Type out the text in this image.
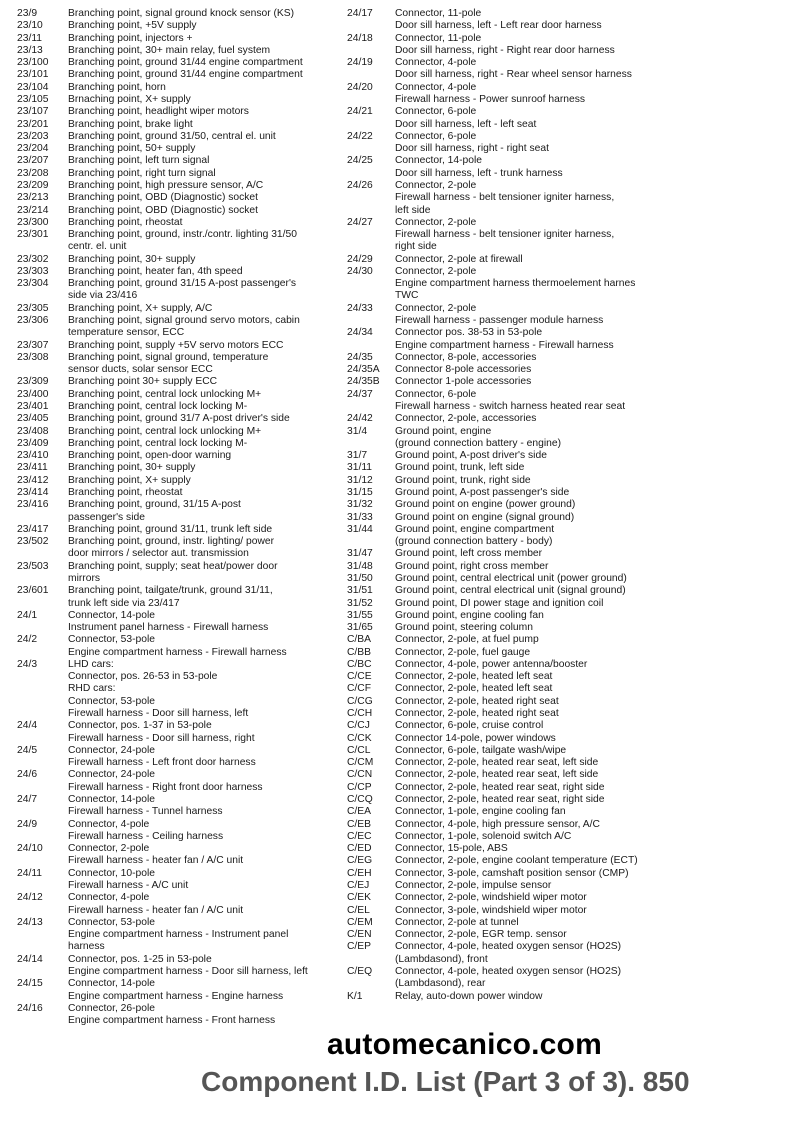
23/9	Branching point, signal ground knock sensor (KS)
23/10	Branching point, +5V supply
23/11	Branching point, injectors +
23/13	Branching point, 30+ main relay, fuel system
23/100	Branching point, ground 31/44 engine compartment
23/101	Branching point, ground 31/44 engine compartment
23/104	Branching point, horn
23/105	Brnaching point, X+ supply
23/107	Branching point, headlight wiper motors
23/201	Branching point, brake light
23/203	Branching point, ground 31/50, central el. unit
23/204	Branching point, 50+ supply
23/207	Branching point, left turn signal
23/208	Branching point, right turn signal
23/209	Branching point, high pressure sensor, A/C
23/213	Branching point, OBD (Diagnostic) socket
23/214	Branching point, OBD (Diagnostic) socket
23/300	Branching point, rheostat
23/301	Branching point, ground, instr./contr. lighting 31/50
centr. el. unit
23/302	Branching point, 30+ supply
23/303	Branching point, heater fan, 4th speed
23/304	Branching point, ground 31/15 A-post passenger's
side via 23/416
23/305	Branching point, X+ supply, A/C
23/306	Branching point, signal ground servo motors, cabin
temperature sensor, ECC
23/307	Branching point, supply +5V servo motors ECC
23/308	Branching point, signal ground, temperature
sensor ducts, solar sensor ECC
23/309	Branching point 30+ supply ECC
23/400	Branching point, central lock unlocking M+
23/401	Branching point, central lock locking M-
23/405	Branching point, ground 31/7 A-post driver's side
23/408	Branching point, central lock unlocking M+
23/409	Branching point, central lock locking M-
23/410	Branching point, open-door warning
23/411	Branching point, 30+ supply
23/412	Branching point, X+ supply
23/414	Branching point, rheostat
23/416	Branching point, ground, 31/15 A-post
passenger's side
23/417	Branching point, ground 31/11, trunk left side
23/502	Branching point, ground, instr. lighting/ power
door mirrors / selector aut. transmission
23/503	Branching point, supply; seat heat/power door
mirrors
23/601	Branching point, tailgate/trunk, ground 31/11,
trunk left side via 23/417
24/1	Connector, 14-pole
Instrument panel harness - Firewall harness
24/2	Connector, 53-pole
Engine compartment harness - Firewall harness
24/3	LHD cars:
Connector, pos. 26-53 in 53-pole
RHD cars:
Connector, 53-pole
Firewall harness - Door sill harness, left
24/4	Connector, pos. 1-37 in 53-pole
Firewall harness - Door sill harness, right
24/5	Connector, 24-pole
Firewall harness - Left front door harness
24/6	Connector, 24-pole
Firewall harness - Right front door harness
24/7	Connector, 14-pole
Firewall harness - Tunnel harness
24/9	Connector, 4-pole
Firewall harness - Ceiling harness
24/10	Connector, 2-pole
Firewall harness - heater fan / A/C unit
24/11	Connector, 10-pole
Firewall harness - A/C unit
24/12	Connector, 4-pole
Firewall harness - heater fan / A/C unit
24/13	Connector, 53-pole
Engine compartment harness - Instrument panel
harness
24/14	Connector, pos. 1-25 in 53-pole
Engine compartment harness - Door sill harness, left
24/15	Connector, 14-pole
Engine compartment harness - Engine harness
24/16	Connector, 26-pole
Engine compartment harness - Front harness
24/17	Connector, 11-pole
Door sill harness, left - Left rear door harness
24/18	Connector, 11-pole
Door sill harness, right - Right rear door harness
24/19	Connector, 4-pole
Door sill harness, right - Rear wheel sensor harness
24/20	Connector, 4-pole
Firewall harness - Power sunroof harness
24/21	Connector, 6-pole
Door sill harness, left - left seat
24/22	Connector, 6-pole
Door sill harness, right - right seat
24/25	Connector, 14-pole
Door sill harness, left - trunk harness
24/26	Connector, 2-pole
Firewall harness - belt tensioner igniter harness,
left side
24/27	Connector, 2-pole
Firewall harness - belt tensioner igniter harness,
right side
24/29	Connector, 2-pole at firewall
24/30	Connector, 2-pole
Engine compartment harness thermoelement harnes
TWC
24/33	Connector, 2-pole
Firewall harness - passenger module harness
24/34	Connector pos. 38-53 in 53-pole
Engine compartment harness - Firewall harness
24/35	Connector, 8-pole, accessories
24/35A	Connector 8-pole accessories
24/35B	Connector 1-pole accessories
24/37	Connector, 6-pole
Firewall harness - switch harness heated rear seat
24/42	Connector, 2-pole, accessories
31/4	Ground point, engine
(ground connection battery - engine)
31/7	Ground point, A-post driver's side
31/11	Ground point, trunk, left side
31/12	Ground point, trunk, right side
31/15	Ground point, A-post passenger's side
31/32	Ground point on engine (power ground)
31/33	Ground point on engine (signal ground)
31/44	Ground point, engine compartment
(ground connection battery - body)
31/47	Ground point, left cross member
31/48	Ground point, right cross member
31/50	Ground point, central electrical unit (power ground)
31/51	Ground point, central electrical unit (signal ground)
31/52	Ground point, DI power stage and ignition coil
31/55	Ground point, engine cooling fan
31/65	Ground point, steering column
C/BA	Connector, 2-pole, at fuel pump
C/BB	Connector, 2-pole, fuel gauge
C/BC	Connector, 4-pole, power antenna/booster
C/CE	Connector, 2-pole, heated left seat
C/CF	Connector, 2-pole, heated left seat
C/CG	Connector, 2-pole, heated right seat
C/CH	Connector, 2-pole, heated right seat
C/CJ	Connector, 6-pole, cruise control
C/CK	Connector 14-pole, power windows
C/CL	Connector, 6-pole, tailgate wash/wipe
C/CM	Connector, 2-pole, heated rear seat, left side
C/CN	Connector, 2-pole, heated rear seat, left side
C/CP	Connector, 2-pole, heated rear seat, right side
C/CQ	Connector, 2-pole, heated rear seat, right side
C/EA	Connector, 1-pole, engine cooling fan
C/EB	Connector, 4-pole, high pressure sensor, A/C
C/EC	Connector, 1-pole, solenoid switch A/C
C/ED	Connector, 15-pole, ABS
C/EG	Connector, 2-pole, engine coolant temperature (ECT)
C/EH	Connector, 3-pole, camshaft position sensor (CMP)
C/EJ	Connector, 2-pole, impulse sensor
C/EK	Connector, 2-pole, windshield wiper motor
C/EL	Connector, 3-pole, windshield wiper motor
C/EM	Connector, 2-pole at tunnel
C/EN	Connector, 2-pole, EGR temp. sensor
C/EP	Connector, 4-pole, heated oxygen sensor (HO2S)
(Lambdasond), front
C/EQ	Connector, 4-pole, heated oxygen sensor (HO2S)
(Lambdasond), rear
K/1	Relay, auto-down power window
automecanico.com
Component I.D. List (Part 3 of 3). 850
